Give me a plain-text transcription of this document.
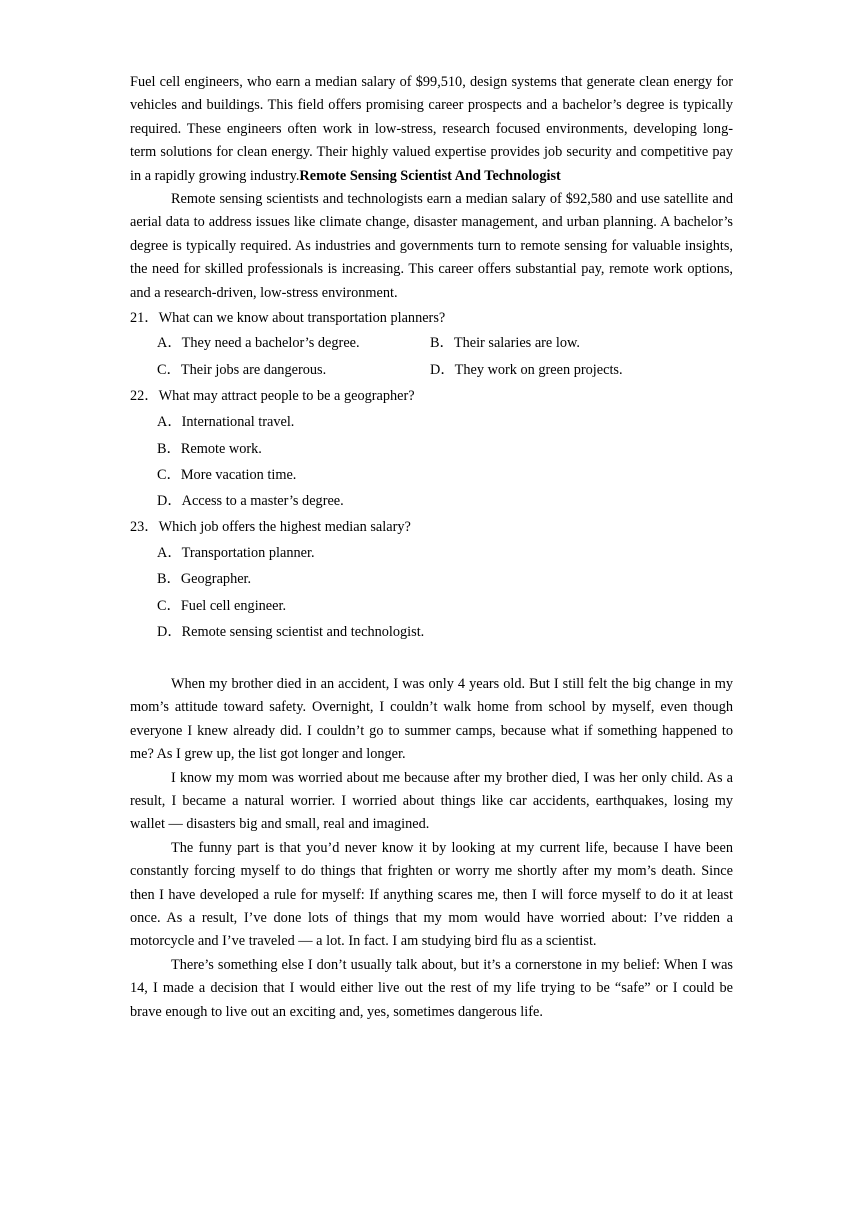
Fuel cell engineers, who earn a median salary of $99,510, design systems that generate clean energy for vehicles and buildings. This field offers promising career prospects and a bachelor’s degree is typically required. These engineers often work in low-stress, research focused environments, developing long-term solutions for clean energy. Their highly valued expertise provides job security and competitive pay in a rapidly growing industry.Remote Sensing Scientist And Technologist

Remote sensing scientists and technologists earn a median salary of $92,580 and use satellite and aerial data to address issues like climate change, disaster management, and urban planning. A bachelor’s degree is typically required. As industries and governments turn to remote sensing for valuable insights, the need for skilled professionals is increasing. This career offers substantial pay, remote work options, and a research-driven, low-stress environment.

21．What can we know about transportation planners?
A．They need a bachelor’s degree.	B．Their salaries are low.
C．Their jobs are dangerous.	D．They work on green projects.
22．What may attract people to be a geographer?
A．International travel.
B．Remote work.
C．More vacation time.
D．Access to a master’s degree.
23．Which job offers the highest median salary?
A．Transportation planner.
B．Geographer.
C．Fuel cell engineer.
D．Remote sensing scientist and technologist.

When my brother died in an accident, I was only 4 years old. But I still felt the big change in my mom’s attitude toward safety. Overnight, I couldn’t walk home from school by myself, even though everyone I knew already did. I couldn’t go to summer camps, because what if something happened to me? As I grew up, the list got longer and longer.

I know my mom was worried about me because after my brother died, I was her only child. As a result, I became a natural worrier. I worried about things like car accidents, earthquakes, losing my wallet — disasters big and small, real and imagined.

The funny part is that you’d never know it by looking at my current life, because I have been constantly forcing myself to do things that frighten or worry me shortly after my mom’s death. Since then I have developed a rule for myself: If anything scares me, then I will force myself to do it at least once. As a result, I’ve done lots of things that my mom would have worried about: I’ve ridden a motorcycle and I’ve traveled — a lot. In fact. I am studying bird flu as a scientist.

There’s something else I don’t usually talk about, but it’s a cornerstone in my belief: When I was 14, I made a decision that I would either live out the rest of my life trying to be “safe” or I could be brave enough to live out an exciting and, yes, sometimes dangerous life.
